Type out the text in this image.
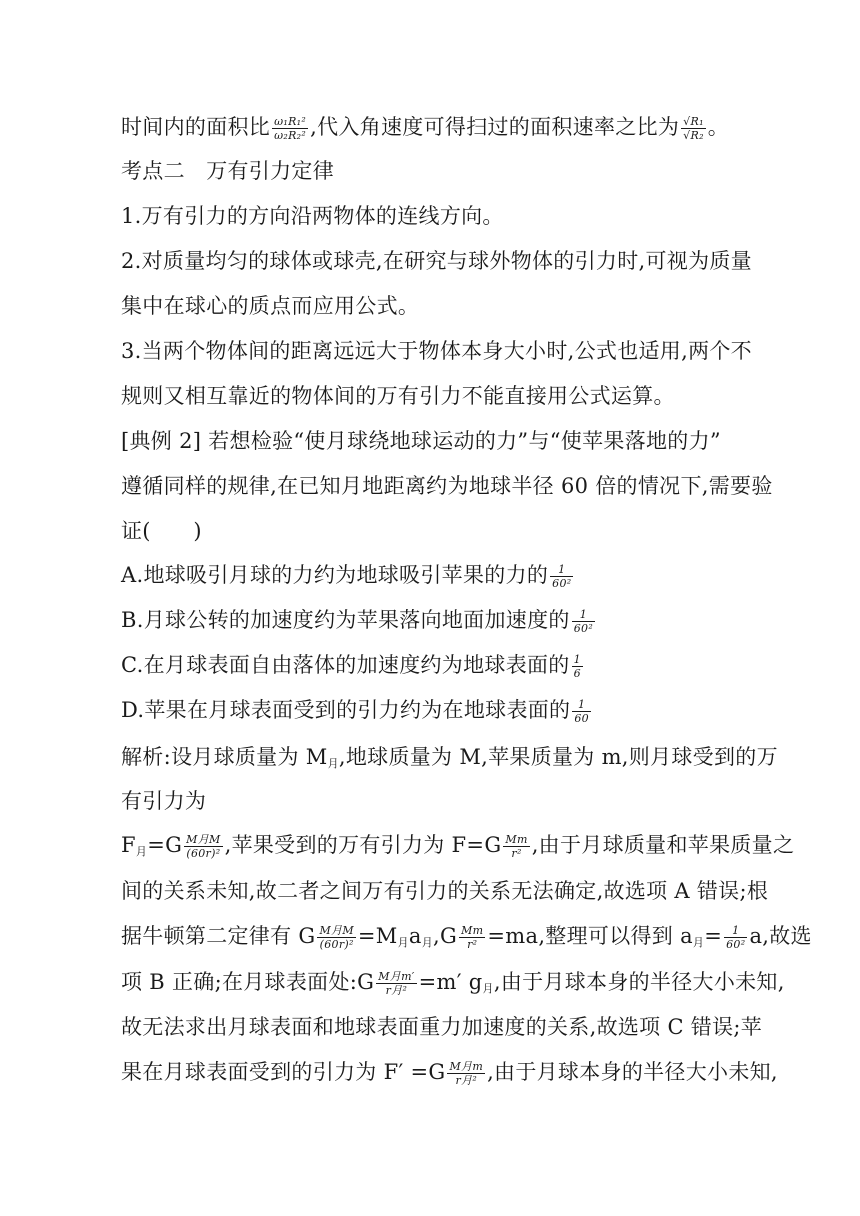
时间内的面积比 $\frac{\text{ω₁R₁²}}{\text{ω₂R₂²}}$ ,代入角速度可得扫过的面积速率之比为 $\frac{\text{√R₁}}{\text{√R₂}}$ 。
考点二　万有引力定律
1.万有引力的方向沿两物体的连线方向。
2.对质量均匀的球体或球壳,在研究与球外物体的引力时,可视为质量
集中在球心的质点而应用公式。
3.当两个物体间的距离远远大于物体本身大小时,公式也适用,两个不
规则又相互靠近的物体间的万有引力不能直接用公式运算。
[典例 2] 若想检验“使月球绕地球运动的力”与“使苹果落地的力”
遵循同样的规律,在已知月地距离约为地球半径 60 倍的情况下,需要验
证(　　)
A.地球吸引月球的力约为地球吸引苹果的力的 $\frac{1}{\text{60²}}$
B.月球公转的加速度约为苹果落向地面加速度的 $\frac{1}{\text{60²}}$
C.在月球表面自由落体的加速度约为地球表面的 $\frac{1}{6}$
D.苹果在月球表面受到的引力约为在地球表面的 $\frac{1}{60}$
解析:设月球质量为 $M_月$,地球质量为 M,苹果质量为 m,则月球受到的万
有引力为
$F_月=G \frac{\text{M月M}}{\text{(60r)²}}$ ,苹果受到的万有引力为 $F=G \frac{Mm}{\text{r²}}$ ,由于月球质量和苹果质量之
间的关系未知,故二者之间万有引力的关系无法确定,故选项 A 错误;根
据牛顿第二定律有 G $\frac{\text{M月M}}{\text{(60r)²}} =M_月a_月,G \frac{Mm}{\text{r²}} =ma$,整理可以得到 $a_月= \frac{1}{\text{60²}} a$,故选
项 B 正确;在月球表面处:G $\frac{\text{M月m′}}{\text{r月²}} =m'$ $g_月$,由于月球本身的半径大小未知,
故无法求出月球表面和地球表面重力加速度的关系,故选项 C 错误;苹
果在月球表面受到的引力为 $F' =G \frac{\text{M月m}}{\text{r月²}}$ ,由于月球本身的半径大小未知,
